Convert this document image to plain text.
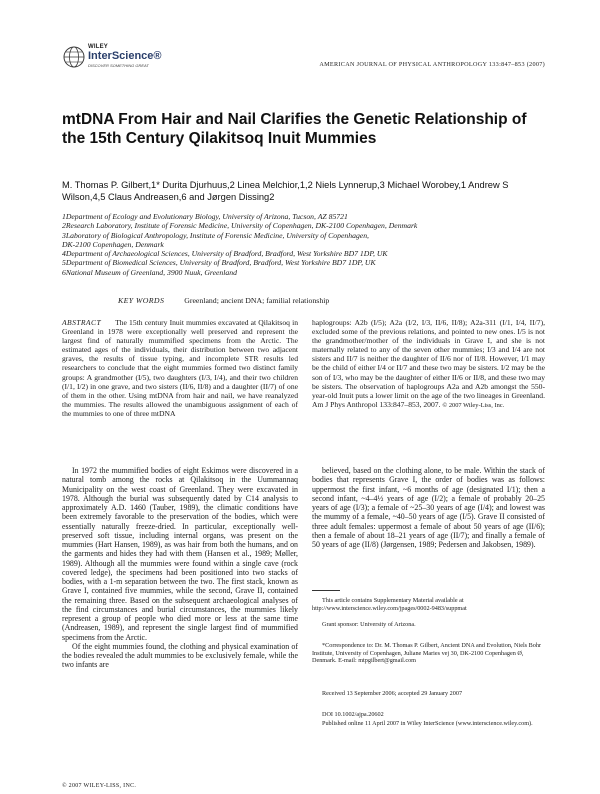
WILEY
InterScience®
DISCOVER SOMETHING GREAT	AMERICAN JOURNAL OF PHYSICAL ANTHROPOLOGY 133:847–853 (2007)
mtDNA From Hair and Nail Clarifies the Genetic Relationship of the 15th Century Qilakitsoq Inuit Mummies
M. Thomas P. Gilbert,1* Durita Djurhuus,2 Linea Melchior,1,2 Niels Lynnerup,3 Michael Worobey,1 Andrew S Wilson,4,5 Claus Andreasen,6 and Jørgen Dissing2
1Department of Ecology and Evolutionary Biology, University of Arizona, Tucson, AZ 85721
2Research Laboratory, Institute of Forensic Medicine, University of Copenhagen, DK-2100 Copenhagen, Denmark
3Laboratory of Biological Anthropology, Institute of Forensic Medicine, University of Copenhagen,
DK-2100 Copenhagen, Denmark
4Department of Archaeological Sciences, University of Bradford, Bradford, West Yorkshire BD7 1DP, UK
5Department of Biomedical Sciences, University of Bradford, Bradford, West Yorkshire BD7 1DP, UK
6National Museum of Greenland, 3900 Nuuk, Greenland
KEY WORDS	Greenland; ancient DNA; familial relationship
ABSTRACT The 15th century Inuit mummies excavated at Qilakitsoq in Greenland in 1978 were exceptionally well preserved and represent the largest find of naturally mummified specimens from the Arctic. The estimated ages of the individuals, their distribution between two adjacent graves, the results of tissue typing, and incomplete STR results led researchers to conclude that the eight mummies formed two distinct family groups: A grandmother (I/5), two daughters (I/3, I/4), and their two children (I/1, I/2) in one grave, and two sisters (II/6, II/8) and a daughter (II/7) of one of them in the other. Using mtDNA from hair and nail, we have reanalyzed the mummies. The results allowed the unambiguous assignment of each of the mummies to one of three mtDNA
haplogroups: A2b (I/5); A2a (I/2, I/3, II/6, II/8); A2a-311 (I/1, I/4, II/7), excluded some of the previous relations, and pointed to new ones. I/5 is not the grandmother/mother of the individuals in Grave I, and she is not maternally related to any of the seven other mummies; I/3 and I/4 are not sisters and II/7 is neither the daughter of II/6 nor of II/8. However, I/1 may be the child of either I/4 or II/7 and these two may be sisters. I/2 may be the son of I/3, who may be the daughter of either II/6 or II/8, and these two may be sisters. The observation of haplogroups A2a and A2b amongst the 550-year-old Inuit puts a lower limit on the age of the two lineages in Greenland. Am J Phys Anthropol 133:847–853, 2007. © 2007 Wiley-Liss, Inc.

In 1972 the mummified bodies of eight Eskimos were discovered in a natural tomb among the rocks at Qilakitsoq in the Uummannaq Municipality on the west coast of Greenland. They were excavated in 1978. Although the burial was subsequently dated by C14 analysis to approximately A.D. 1460 (Tauber, 1989), the climatic conditions have been extremely favorable to the preservation of the bodies, which were essentially naturally freeze-dried. In particular, exceptionally well-preserved soft tissue, including internal organs, was present on the mummies (Hart Hansen, 1989), as was hair from both the humans, and on the garments and hides they had with them (Hansen et al., 1989; Møller, 1989). Although all the mummies were found within a single cave (rock covered ledge), the specimens had been positioned into two stacks of bodies, with a 1-m separation between the two. The first stack, known as Grave I, contained five mummies, while the second, Grave II, contained the remaining three. Based on the subsequent archaeological analyses of the find circumstances and burial circumstances, the mummies likely represent a group of people who died more or less at the same time (Andreasen, 1989), and represent the single largest find of mummified specimens from the Arctic.

Of the eight mummies found, the clothing and physical examination of the bodies revealed the adult mummies to be exclusively female, while the two infants are

believed, based on the clothing alone, to be male. Within the stack of bodies that represents Grave I, the order of bodies was as follows: uppermost the first infant, ~6 months of age (designated I/1); then a second infant, ~4–4½ years of age (I/2); a female of probably 20–25 years of age (I/3); a female of ~25–30 years of age (I/4); and lowest was the mummy of a female, ~40–50 years of age (I/5). Grave II consisted of three adult females: uppermost a female of about 50 years of age (II/6); then a female of about 18–21 years of age (II/7); and finally a female of 50 years of age (II/8) (Jørgensen, 1989; Pedersen and Jakobsen, 1989).

This article contains Supplementary Material available at http://www.interscience.wiley.com/jpages/0002-9483/suppmat

Grant sponsor: University of Arizona.

*Correspondence to: Dr. M. Thomas P. Gilbert, Ancient DNA and Evolution, Niels Bohr Institute, University of Copenhagen, Juliane Maries vej 30, DK-2100 Copenhagen Ø, Denmark. E-mail: mtpgilbert@gmail.com

Received 13 September 2006; accepted 29 January 2007

DOI 10.1002/ajpa.20602

Published online 11 April 2007 in Wiley InterScience (www.interscience.wiley.com).

© 2007 WILEY-LISS, INC.
